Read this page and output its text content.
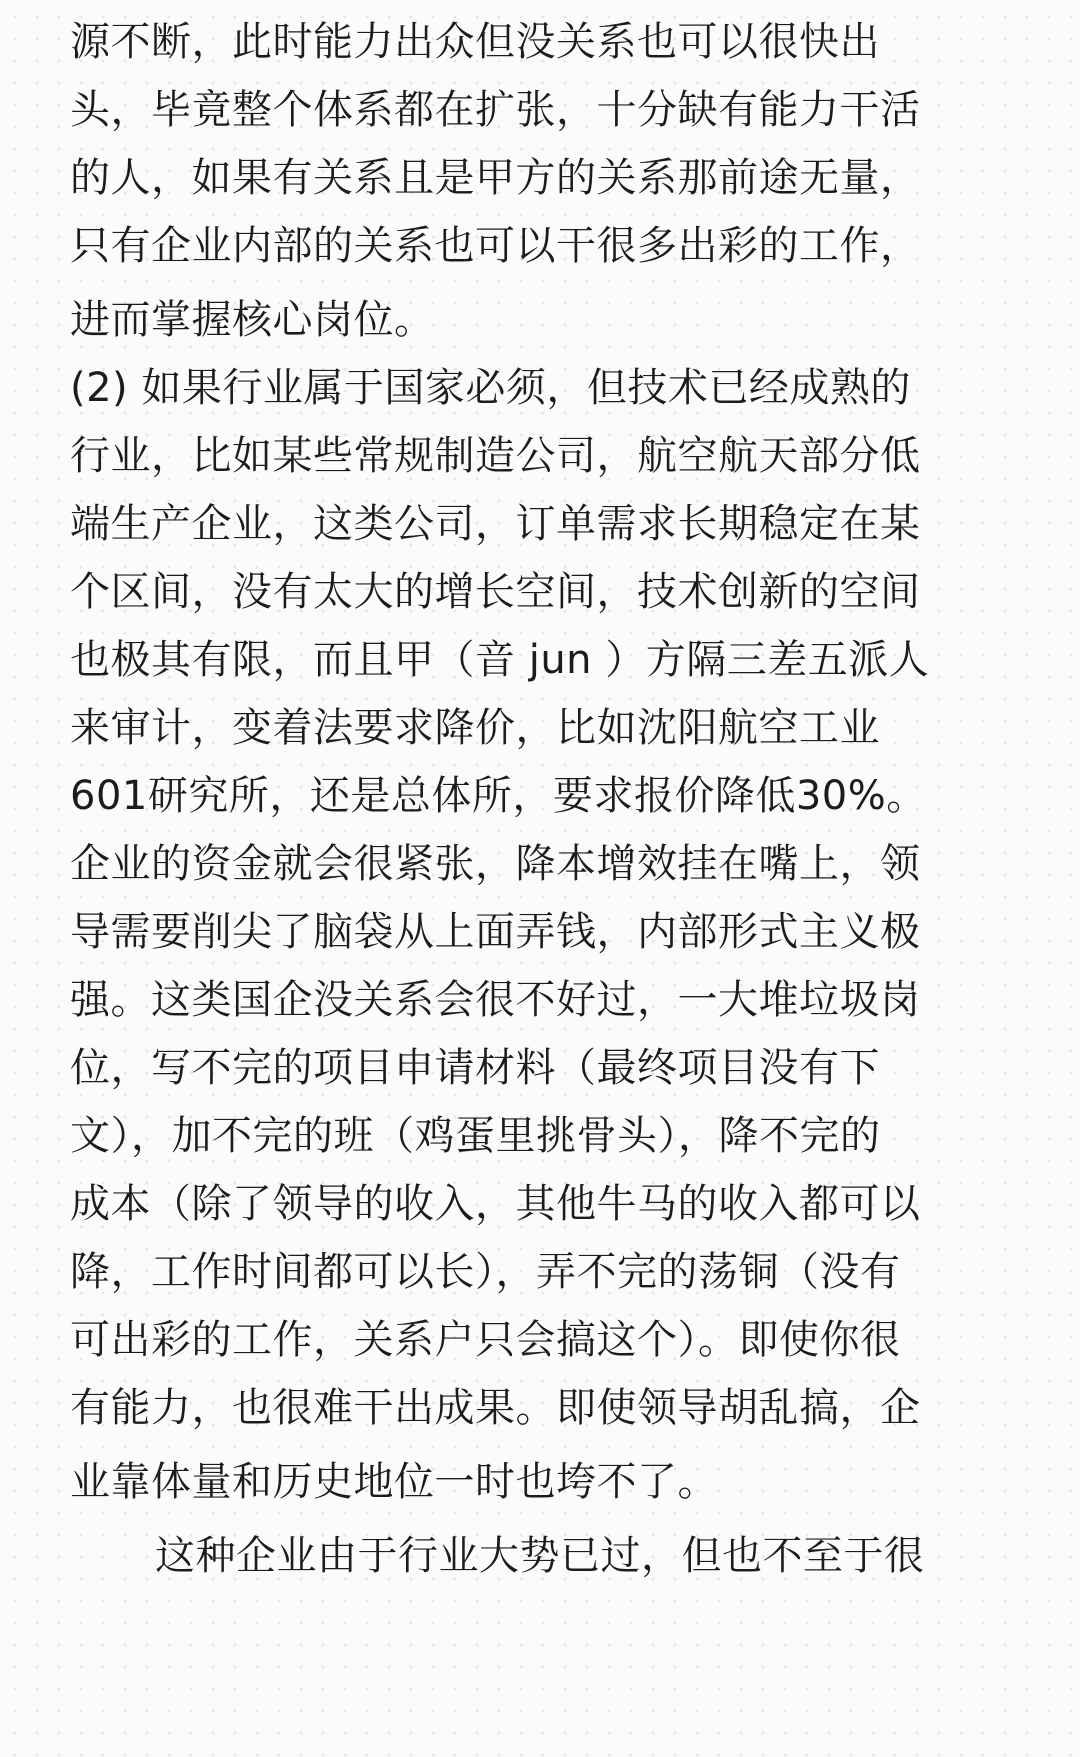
源不断，此时能力出众但没关系也可以很快出
头，毕竟整个体系都在扩张，十分缺有能力干活
的人，如果有关系且是甲方的关系那前途无量，
只有企业内部的关系也可以干很多出彩的工作，
进而掌握核心岗位。
(2) 如果行业属于国家必须，但技术已经成熟的
行业，比如某些常规制造公司，航空航天部分低
端生产企业，这类公司，订单需求长期稳定在某
个区间，没有太大的增长空间，技术创新的空间
也极其有限，而且甲（音 jun ）方隔三差五派人
来审计，变着法要求降价，比如沈阳航空工业
601研究所，还是总体所，要求报价降低30%。
企业的资金就会很紧张，降本增效挂在嘴上，领
导需要削尖了脑袋从上面弄钱，内部形式主义极
强。这类国企没关系会很不好过，一大堆垃圾岗
位，写不完的项目申请材料（最终项目没有下
文），加不完的班（鸡蛋里挑骨头），降不完的
成本（除了领导的收入，其他牛马的收入都可以
降，工作时间都可以长），弄不完的荡铜（没有
可出彩的工作，关系户只会搞这个）。即使你很
有能力，也很难干出成果。即使领导胡乱搞，企
业靠体量和历史地位一时也垮不了。
这种企业由于行业大势已过，但也不至于很
